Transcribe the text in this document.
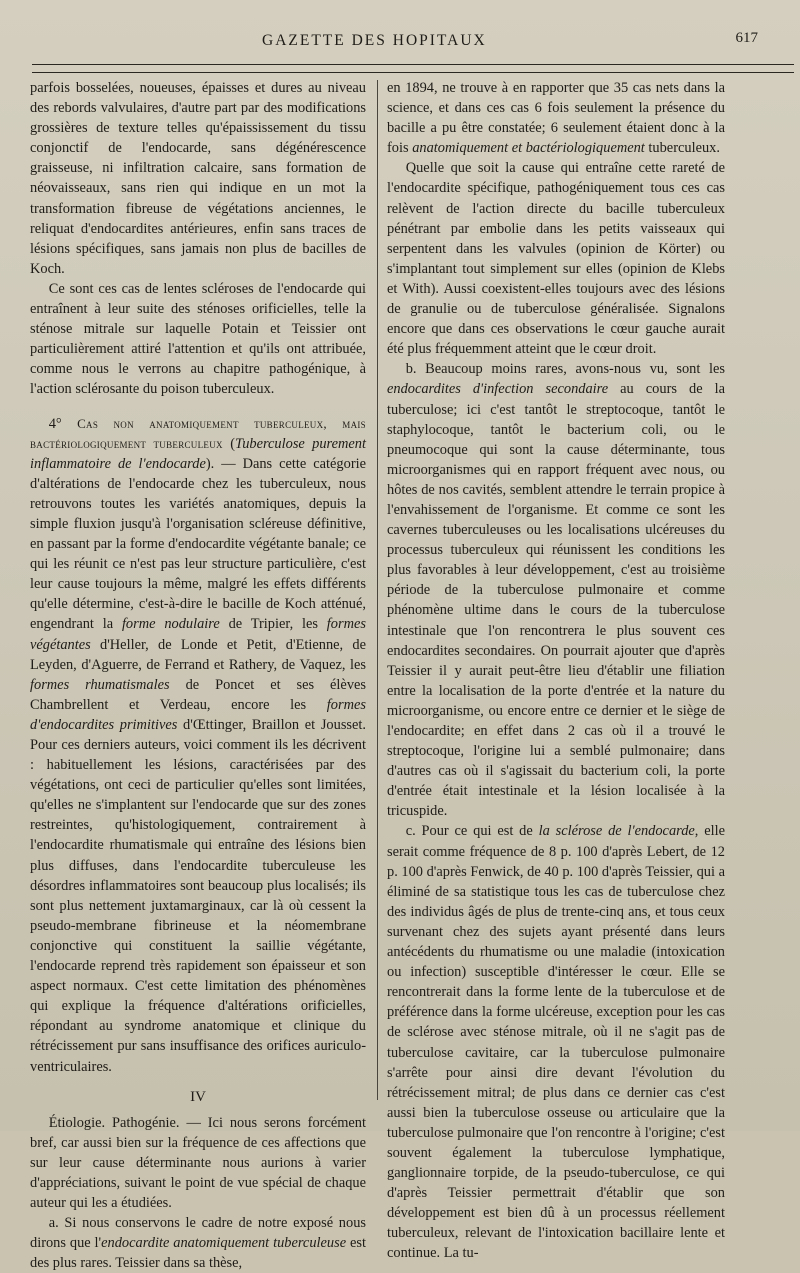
GAZETTE DES HOPITAUX	617

parfois bosselées, noueuses, épaisses et dures au niveau des rebords valvulaires, d'autre part par des modifications grossières de texture telles qu'épaississement du tissu conjonctif de l'endocarde, sans dégénérescence graisseuse, ni infiltration calcaire, sans formation de néovaisseaux, sans rien qui indique en un mot la transformation fibreuse de végétations anciennes, le reliquat d'endocardites antérieures, enfin sans traces de lésions spécifiques, sans jamais non plus de bacilles de Koch.

Ce sont ces cas de lentes scléroses de l'endocarde qui entraînent à leur suite des sténoses orificielles, telle la sténose mitrale sur laquelle Potain et Teissier ont particulièrement attiré l'attention et qu'ils ont attribuée, comme nous le verrons au chapitre pathogénique, à l'action sclérosante du poison tuberculeux.

4° Cas non anatomiquement tuberculeux, mais bactériologiquement tuberculeux (Tuberculose purement inflammatoire de l'endocarde). — Dans cette catégorie d'altérations de l'endocarde chez les tuberculeux, nous retrouvons toutes les variétés anatomiques, depuis la simple fluxion jusqu'à l'organisation scléreuse définitive, en passant par la forme d'endocardite végétante banale; ce qui les réunit ce n'est pas leur structure particulière, c'est leur cause toujours la même, malgré les effets différents qu'elle détermine, c'est-à-dire le bacille de Koch atténué, engendrant la forme nodulaire de Tripier, les formes végétantes d'Heller, de Londe et Petit, d'Etienne, de Leyden, d'Aguerre, de Ferrand et Rathery, de Vaquez, les formes rhumatismales de Poncet et ses élèves Chambrellent et Verdeau, encore les formes d'endocardites primitives d'Œttinger, Braillon et Jousset. Pour ces derniers auteurs, voici comment ils les décrivent : habituellement les lésions, caractérisées par des végétations, ont ceci de particulier qu'elles sont limitées, qu'elles ne s'implantent sur l'endocarde que sur des zones restreintes, qu'histologiquement, contrairement à l'endocardite rhumatismale qui entraîne des lésions bien plus diffuses, dans l'endocardite tuberculeuse les désordres inflammatoires sont beaucoup plus localisés; ils sont plus nettement juxtamarginaux, car là où cessent la pseudo-membrane fibrineuse et la néomembrane conjonctive qui constituent la saillie végétante, l'endocarde reprend très rapidement son épaisseur et son aspect normaux. C'est cette limitation des phénomènes qui explique la fréquence d'altérations orificielles, répondant au syndrome anatomique et clinique du rétrécissement pur sans insuffisance des orifices auriculo-ventriculaires.

IV

Étiologie. Pathogénie. — Ici nous serons forcément bref, car aussi bien sur la fréquence de ces affections que sur leur cause déterminante nous aurions à varier d'appréciations, suivant le point de vue spécial de chaque auteur qui les a étudiées.

a. Si nous conservons le cadre de notre exposé nous dirons que l'endocardite anatomiquement tuberculeuse est des plus rares. Teissier dans sa thèse,

en 1894, ne trouve à en rapporter que 35 cas nets dans la science, et dans ces cas 6 fois seulement la présence du bacille a pu être constatée; 6 seulement étaient donc à la fois anatomiquement et bactériologiquement tuberculeux.

Quelle que soit la cause qui entraîne cette rareté de l'endocardite spécifique, pathogéniquement tous ces cas relèvent de l'action directe du bacille tuberculeux pénétrant par embolie dans les petits vaisseaux qui serpentent dans les valvules (opinion de Körter) ou s'implantant tout simplement sur elles (opinion de Klebs et With). Aussi coexistent-elles toujours avec des lésions de granulie ou de tuberculose généralisée. Signalons encore que dans ces observations le cœur gauche aurait été plus fréquemment atteint que le cœur droit.

b. Beaucoup moins rares, avons-nous vu, sont les endocardites d'infection secondaire au cours de la tuberculose; ici c'est tantôt le streptocoque, tantôt le staphylocoque, tantôt le bacterium coli, ou le pneumocoque qui sont la cause déterminante, tous microorganismes qui en rapport fréquent avec nous, ou hôtes de nos cavités, semblent attendre le terrain propice à l'envahissement de l'organisme. Et comme ce sont les cavernes tuberculeuses ou les localisations ulcéreuses du processus tuberculeux qui réunissent les conditions les plus favorables à leur développement, c'est au troisième période de la tuberculose pulmonaire et comme phénomène ultime dans le cours de la tuberculose intestinale que l'on rencontrera le plus souvent ces endocardites secondaires. On pourrait ajouter que d'après Teissier il y aurait peut-être lieu d'établir une filiation entre la localisation de la porte d'entrée et la nature du microorganisme, ou encore entre ce dernier et le siège de l'endocardite; en effet dans 2 cas où il a trouvé le streptocoque, l'origine lui a semblé pulmonaire; dans d'autres cas où il s'agissait du bacterium coli, la porte d'entrée était intestinale et la lésion localisée à la tricuspide.

c. Pour ce qui est de la sclérose de l'endocarde, elle serait comme fréquence de 8 p. 100 d'après Lebert, de 12 p. 100 d'après Fenwick, de 40 p. 100 d'après Teissier, qui a éliminé de sa statistique tous les cas de tuberculose chez des individus âgés de plus de trente-cinq ans, et tous ceux survenant chez des sujets ayant présenté dans leurs antécédents du rhumatisme ou une maladie (intoxication ou infection) susceptible d'intéresser le cœur. Elle se rencontrerait dans la forme lente de la tuberculose et de préférence dans la forme ulcéreuse, exception pour les cas de sclérose avec sténose mitrale, où il ne s'agit pas de tuberculose cavitaire, car la tuberculose pulmonaire s'arrête pour ainsi dire devant l'évolution du rétrécissement mitral; de plus dans ce dernier cas c'est aussi bien la tuberculose osseuse ou articulaire que la tuberculose pulmonaire que l'on rencontre à l'origine; c'est souvent également la tuberculose lymphatique, ganglionnaire torpide, de la pseudo-tuberculose, ce qui d'après Teissier permettrait d'établir que son développement est bien dû à un processus réellement tuberculeux, relevant de l'intoxication bacillaire lente et continue. La tu-
